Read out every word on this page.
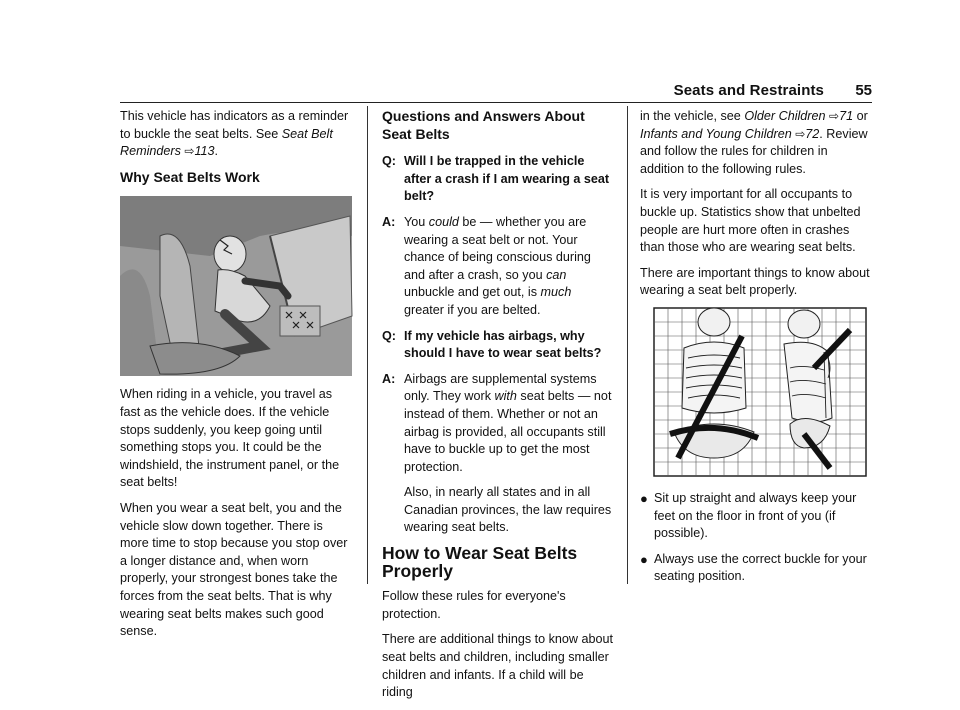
Seats and Restraints 55

This vehicle has indicators as a reminder to buckle the seat belts. See Seat Belt Reminders ⇨113.

Why Seat Belts Work

When riding in a vehicle, you travel as fast as the vehicle does. If the vehicle stops suddenly, you keep going until something stops you. It could be the windshield, the instrument panel, or the seat belts!

When you wear a seat belt, you and the vehicle slow down together. There is more time to stop because you stop over a longer distance and, when worn properly, your strongest bones take the forces from the seat belts. That is why wearing seat belts makes such good sense.

Questions and Answers About Seat Belts
Q: Will I be trapped in the vehicle after a crash if I am wearing a seat belt?
A: You could be — whether you are wearing a seat belt or not. Your chance of being conscious during and after a crash, so you can unbuckle and get out, is much greater if you are belted.
Q: If my vehicle has airbags, why should I have to wear seat belts?
A: Airbags are supplemental systems only. They work with seat belts — not instead of them. Whether or not an airbag is provided, all occupants still have to buckle up to get the most protection.
Also, in nearly all states and in all Canadian provinces, the law requires wearing seat belts.
How to Wear Seat Belts Properly

Follow these rules for everyone's protection.

There are additional things to know about seat belts and children, including smaller children and infants. If a child will be riding

in the vehicle, see Older Children ⇨71 or Infants and Young Children ⇨72. Review and follow the rules for children in addition to the following rules.

It is very important for all occupants to buckle up. Statistics show that unbelted people are hurt more often in crashes than those who are wearing seat belts.

There are important things to know about wearing a seat belt properly.

● Sit up straight and always keep your feet on the floor in front of you (if possible).
● Always use the correct buckle for your seating position.
